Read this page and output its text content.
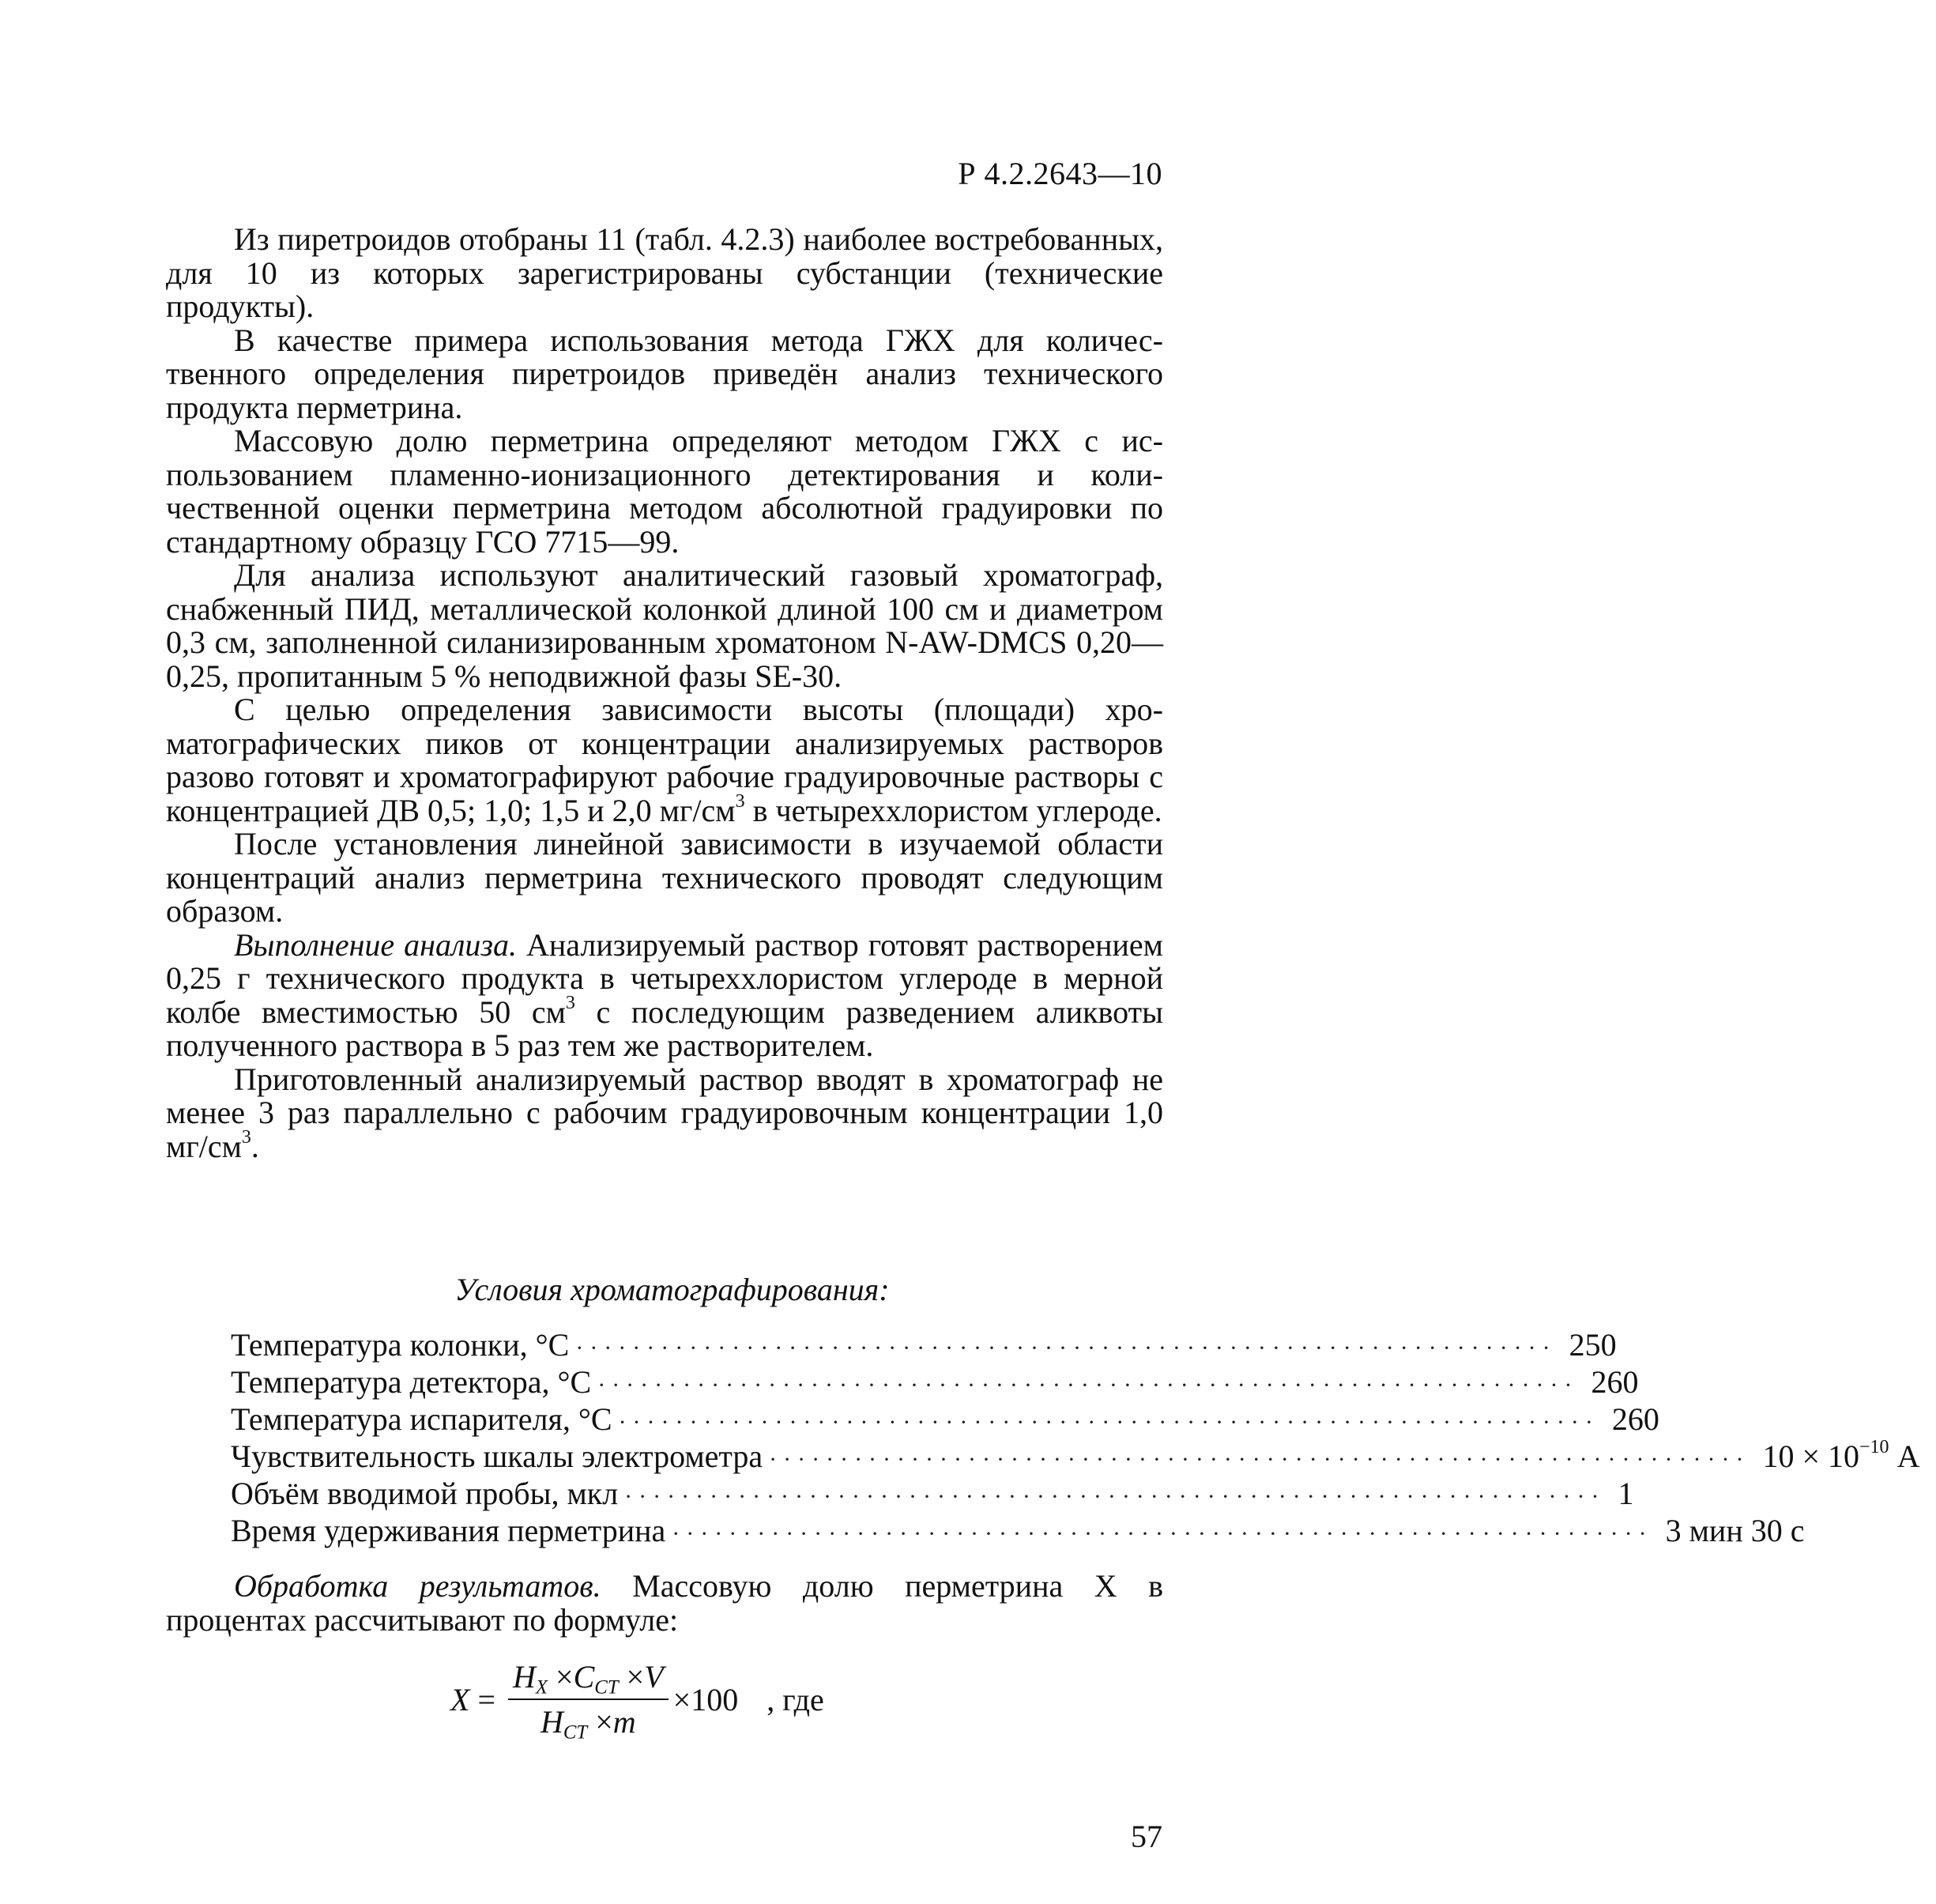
Р 4.2.2643—10

Из пиретроидов отобраны 11 (табл. 4.2.3) наиболее востребованных, для 10 из которых зарегистрированы субстанции (технические продукты).

В качестве примера использования метода ГЖХ для количественного определения пиретроидов приведён анализ технического продукта перметрина.

Массовую долю перметрина определяют методом ГЖХ с использованием пламенно-ионизационного детектирования и количественной оценки перметрина методом абсолютной градуировки по стандартному образцу ГСО 7715—99.

Для анализа используют аналитический газовый хроматограф, снабженный ПИД, металлической колонкой длиной 100 см и диаметром 0,3 см, заполненной силанизированным хроматоном N-AW-DMCS 0,20—0,25, пропитанным 5 % неподвижной фазы SE-30.

С целью определения зависимости высоты (площади) хроматографических пиков от концентрации анализируемых растворов разово готовят и хроматографируют рабочие градуировочные растворы с концентрацией ДВ 0,5; 1,0; 1,5 и 2,0 $мг/см^3$ в четыреххлористом углероде.

После установления линейной зависимости в изучаемой области концентраций анализ перметрина технического проводят следующим образом.

Выполнение анализа. Анализируемый раствор готовят растворением 0,25 г технического продукта в четыреххлористом углероде в мерной колбе вместимостью 50 $см^3$ с последующим разведением аликвоты полученного раствора в 5 раз тем же растворителем.

Приготовленный анализируемый раствор вводят в хроматограф не менее 3 раз параллельно с рабочим градуировочным концентрации 1,0 $мг/см^3$.

Условия хроматографирования:
Температура колонки, °С ····································································· 250
Температура детектора, °С ····································································· 260
Температура испарителя, °С ····································································· 260
Чувствительность шкалы электрометра ····································································· $10 \times 10^{-10}$ А
Объём вводимой пробы, мкл ····································································· 1
Время удерживания перметрина ····································································· 3 мин 30 с

Обработка результатов. Массовую долю перметрина X в процентах рассчитывают по формуле:

$X = \frac{H_X \times C_{CT} \times V}{H_{CT} \times m} \times 100$ , где
57
